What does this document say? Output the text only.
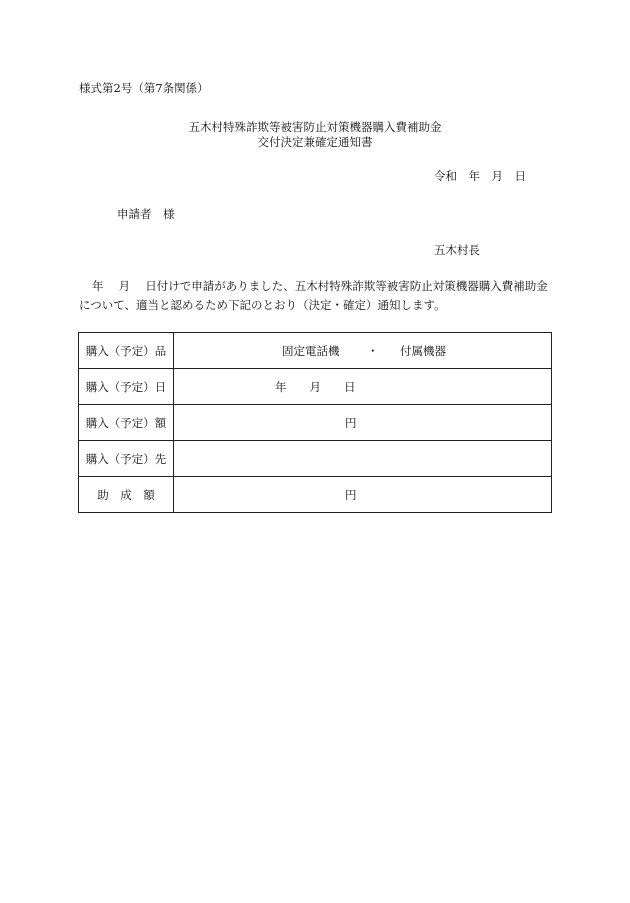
様式第2号（第7条関係）
五木村特殊詐欺等被害防止対策機器購入費補助金
交付決定兼確定通知書
令和　年　月　日
申請者　様
五木村長
年　 月 　日付けで申請がありました、五木村特殊詐欺等被害防止対策機器購入費補助金
について、適当と認めるため下記のとおり（決定・確定）通知します。
購入（予定）品	固定電話機 ・ 付属機器

購入（予定）日	年　　月　　日

購入（予定）額	円

購入（予定）先	
助　成　額	円
